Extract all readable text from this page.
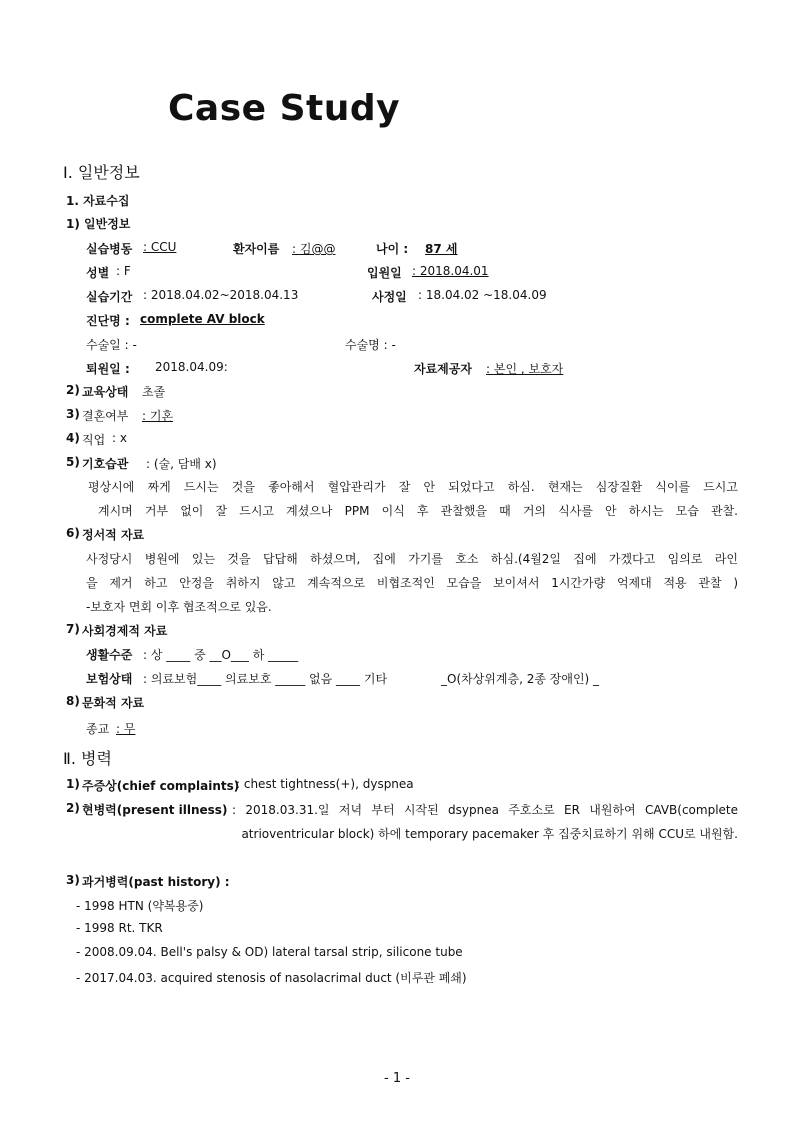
Case Study
Ⅰ. 일반정보
1. 자료수집
1) 일반정보
실습병동 : CCU	환자이름 : 김@@	나이 : 87 세
성별 : F	입원일 : 2018.04.01
실습기간 : 2018.04.02~2018.04.13	사정일 : 18.04.02 ~18.04.09
진단명 : complete AV block
수술일 : -	수술명 : -
퇴원일 : 2018.04.09:	자료제공자 : 본인 , 보호자
2) 교육상태 초졸
3) 결혼여부 : 기혼
4) 직업 : x
5) 기호습관 : (술, 담배 x)
평상시에 짜게 드시는 것을 좋아해서 혈압관리가 잘 안 되었다고 하심. 현재는 심장질환 식이를 드시고
계시며 거부 없이 잘 드시고 계셨으나 PPM 이식 후 관찰했을 때 거의 식사를 안 하시는 모습 관찰.
6) 정서적 자료
사정당시 병원에 있는 것을 답답해 하셨으며, 집에 가기를 호소 하심.(4월2일 집에 가겠다고 임의로 라인
을 제거 하고 안정을 취하지 않고 계속적으로 비협조적인 모습을 보이셔서 1시간가량 억제대 적용 관찰 )
-보호자 면회 이후 협조적으로 있음.
7) 사회경제적 자료
생활수준 : 상 ____ 중 __O___ 하 _____
보험상태 : 의료보험____ 의료보호 _____ 없음 ____ 기타	_O(차상위계층, 2종 장애인) _
8) 문화적 자료
종교 : 무
Ⅱ. 병력
1) 주증상(chief complaints)
: chest tightness(+), dyspnea
2) 현병력(present illness) : 2018.03.31.일 저녁 부터 시작된 dsypnea 주호소로 ER 내원하여 CAVB(complete
atrioventricular block) 하에 temporary pacemaker 후 집중치료하기 위해 CCU로 내원함.
3) 과거병력(past history) :
- 1998 HTN (약복용중)
- 1998 Rt. TKR
- 2008.09.04. Bell's palsy & OD) lateral tarsal strip, silicone tube
- 2017.04.03. acquired stenosis of nasolacrimal duct (비루관 폐쇄)
- 1 -
